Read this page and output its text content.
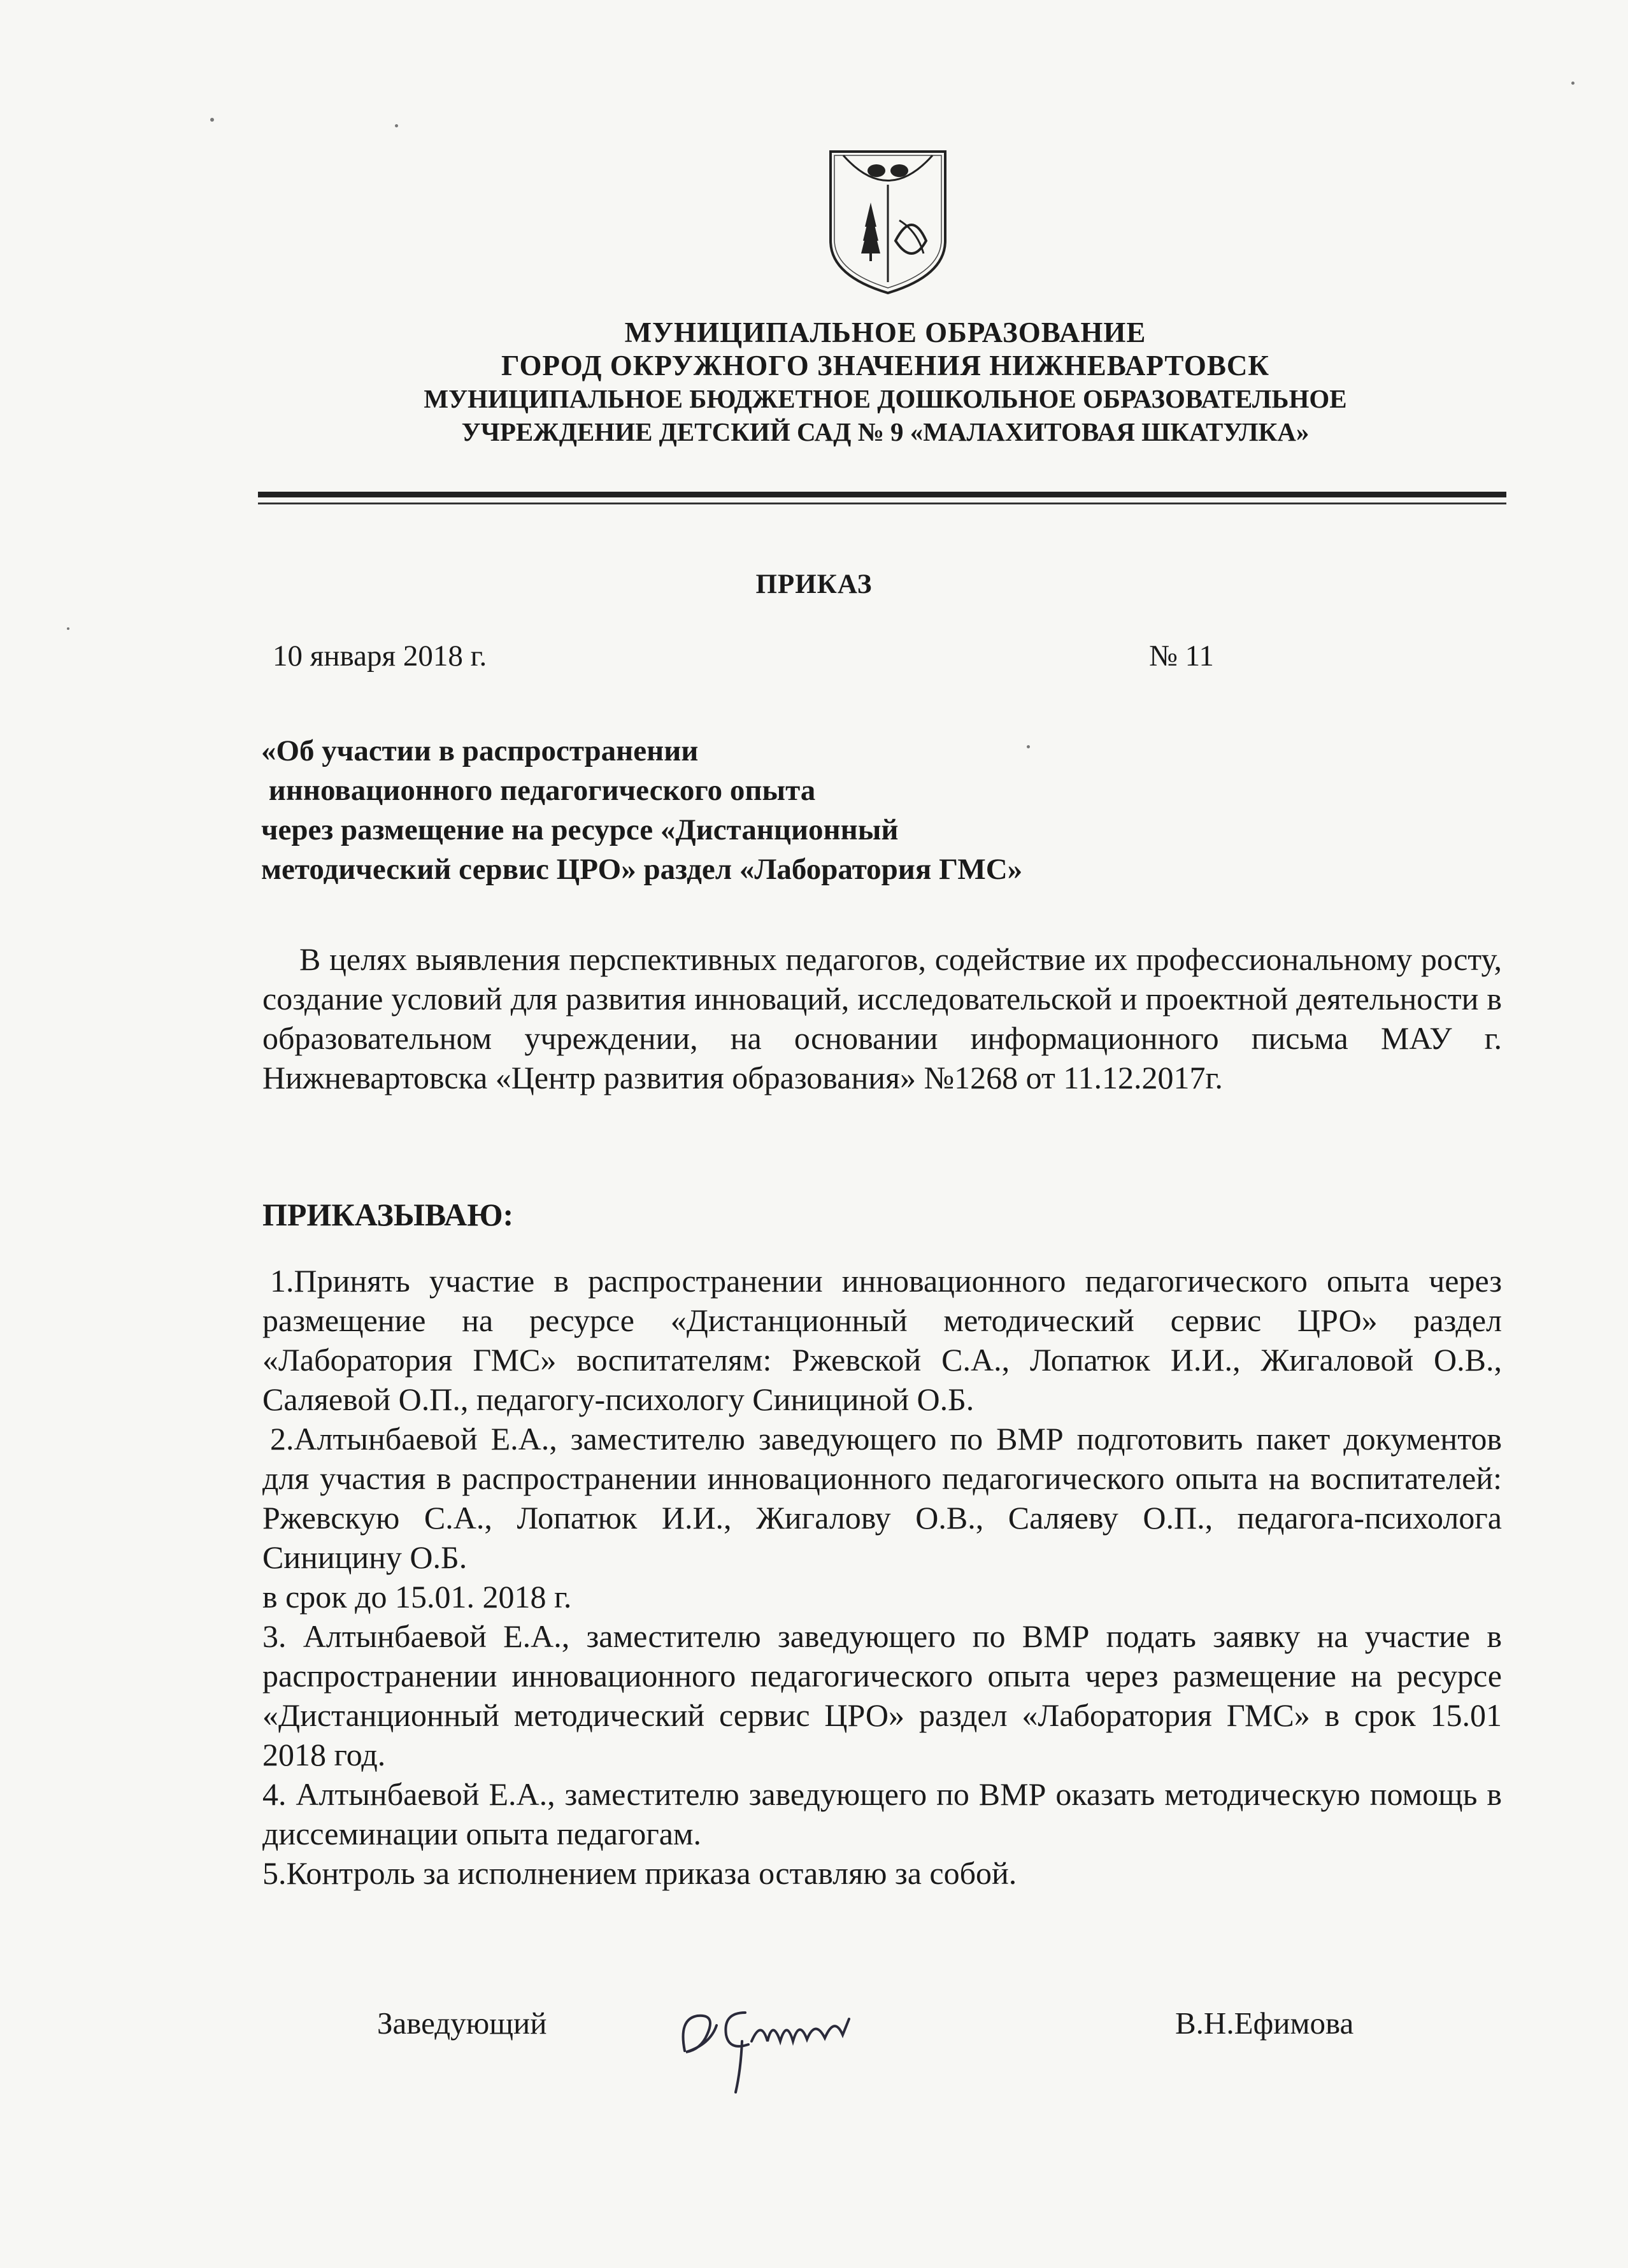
МУНИЦИПАЛЬНОЕ ОБРАЗОВАНИЕ
ГОРОД ОКРУЖНОГО ЗНАЧЕНИЯ НИЖНЕВАРТОВСК
МУНИЦИПАЛЬНОЕ БЮДЖЕТНОЕ ДОШКОЛЬНОЕ ОБРАЗОВАТЕЛЬНОЕ
УЧРЕЖДЕНИЕ ДЕТСКИЙ САД № 9 «МАЛАХИТОВАЯ ШКАТУЛКА»
ПРИКАЗ
10 января 2018 г.	№ 11
«Об участии в распространении
инновационного педагогического опыта
через размещение на ресурсе «Дистанционный
методический сервис ЦРО» раздел «Лаборатория ГМС»
В целях выявления перспективных педагогов, содействие их профессиональному росту, создание условий для развития инноваций, исследовательской и проектной деятельности в образовательном учреждении, на основании информационного письма МАУ г. Нижневартовска «Центр развития образования» №1268 от 11.12.2017г.
ПРИКАЗЫВАЮ:

1.Принять участие в распространении инновационного педагогического опыта через размещение на ресурсе «Дистанционный методический сервис ЦРО» раздел «Лаборатория ГМС» воспитателям: Ржевской С.А., Лопатюк И.И., Жигаловой О.В., Саляевой О.П., педагогу-психологу Синициной О.Б.

2.Алтынбаевой Е.А., заместителю заведующего по ВМР подготовить пакет документов для участия в распространении инновационного педагогического опыта на воспитателей: Ржевскую С.А., Лопатюк И.И., Жигалову О.В., Саляеву О.П., педагога-психолога Синицину О.Б.

в срок до 15.01. 2018 г.

3. Алтынбаевой Е.А., заместителю заведующего по ВМР подать заявку на участие в распространении инновационного педагогического опыта через размещение на ресурсе «Дистанционный методический сервис ЦРО» раздел «Лаборатория ГМС» в срок 15.01 2018 год.

4. Алтынбаевой Е.А., заместителю заведующего по ВМР оказать методическую помощь в диссеминации опыта педагогам.

5.Контроль за исполнением приказа оставляю за собой.

Заведующий	В.Н.Ефимова
